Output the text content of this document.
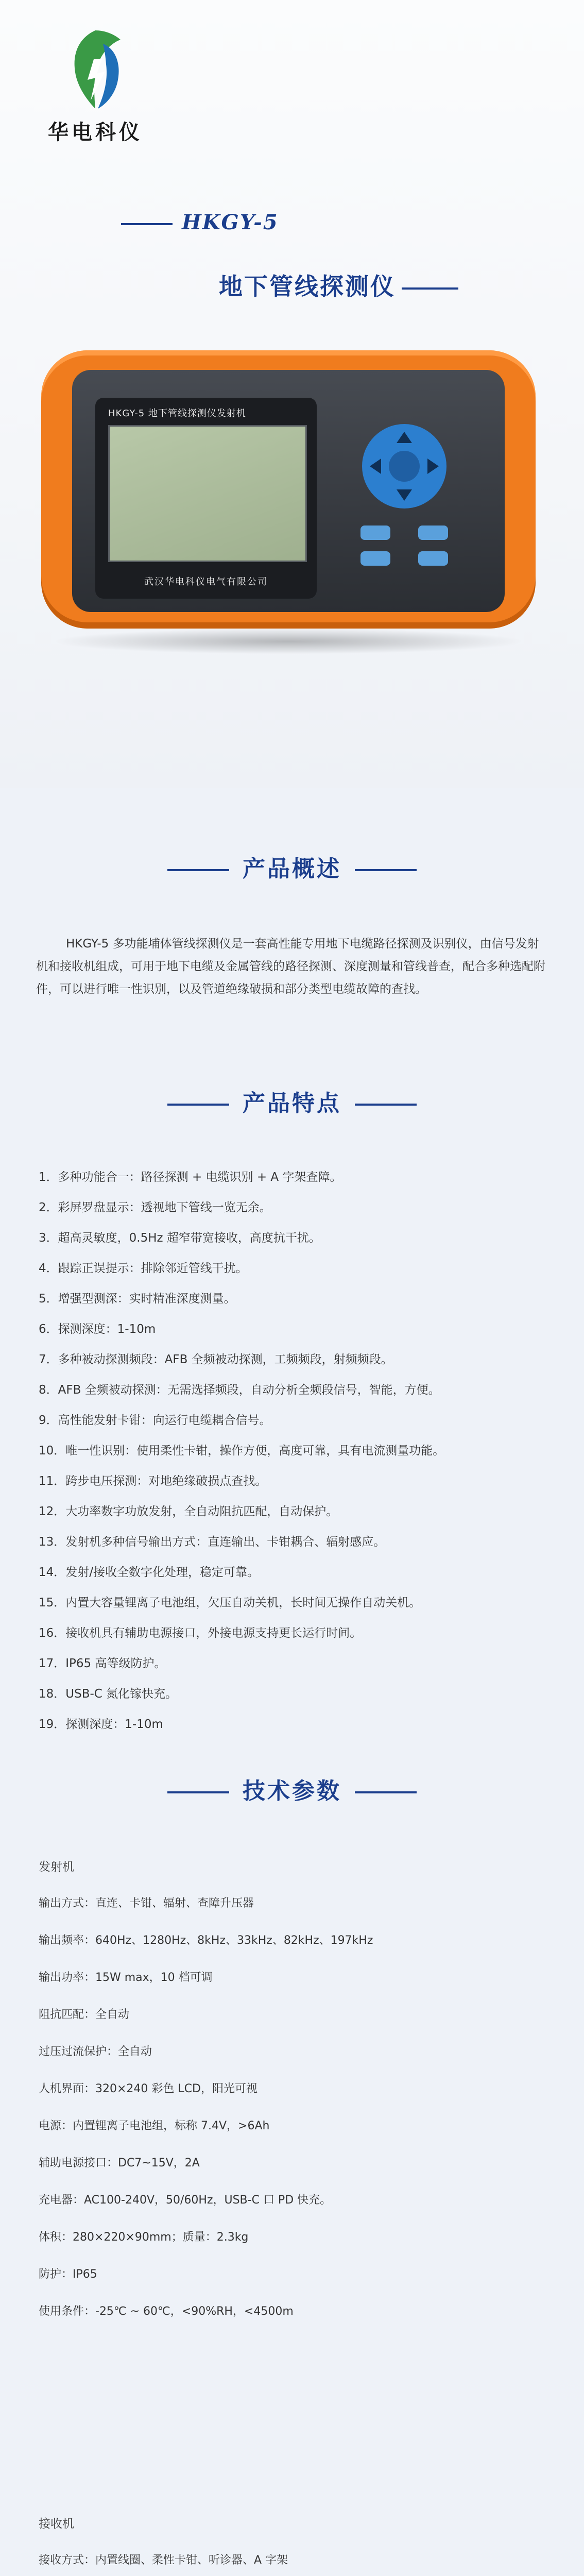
华电科仪
HKGY-5
地下管线探测仪
HKGY-5 地下管线探测仪发射机
武汉华电科仪电气有限公司
产品概述
HKGY-5 多功能埔体管线探测仪是一套高性能专用地下电缆路径探测及识别仪，由信号发射机和接收机组成，可用于地下电缆及金属管线的路径探测、深度测量和管线普查，配合多种选配附件，可以进行唯一性识别，以及管道绝缘破损和部分类型电缆故障的查找。
产品特点
1．多种功能合一：路径探测 + 电缆识别 + A 字架查障。
2．彩屏罗盘显示：透视地下管线一览无余。
3．超高灵敏度，0.5Hz 超窄带宽接收，高度抗干扰。
4．跟踪正误提示：排除邻近管线干扰。
5．增强型测深：实时精准深度测量。
6．探测深度：1-10m
7．多种被动探测频段：AFB 全频被动探测，工频频段，射频频段。
8．AFB 全频被动探测：无需选择频段，自动分析全频段信号，智能，方便。
9．高性能发射卡钳：向运行电缆耦合信号。
10．唯一性识别：使用柔性卡钳，操作方便，高度可靠，具有电流测量功能。
11．跨步电压探测：对地绝缘破损点查找。
12．大功率数字功放发射，全自动阻抗匹配，自动保护。
13．发射机多种信号输出方式：直连输出、卡钳耦合、辐射感应。
14．发射/接收全数字化处理，稳定可靠。
15．内置大容量锂离子电池组，欠压自动关机，长时间无操作自动关机。
16．接收机具有辅助电源接口，外接电源支持更长运行时间。
17．IP65 高等级防护。
18．USB-C 氮化镓快充。
19．探测深度：1-10m
技术参数
发射机
输出方式：直连、卡钳、辐射、查障升压器
输出频率：640Hz、1280Hz、8kHz、33kHz、82kHz、197kHz
输出功率：15W max，10 档可调
阻抗匹配：全自动
过压过流保护：全自动
人机界面：320×240 彩色 LCD，阳光可视
电源：内置锂离子电池组，标称 7.4V，>6Ah
辅助电源接口：DC7~15V，2A
充电器：AC100-240V，50/60Hz，USB-C 口 PD 快充。
体积：280×220×90mm；质量：2.3kg
防护：IP65
使用条件：-25℃ ~ 60℃，<90%RH，<4500m
接收机
接收方式：内置线圈、柔性卡钳、听诊器、A 字架
